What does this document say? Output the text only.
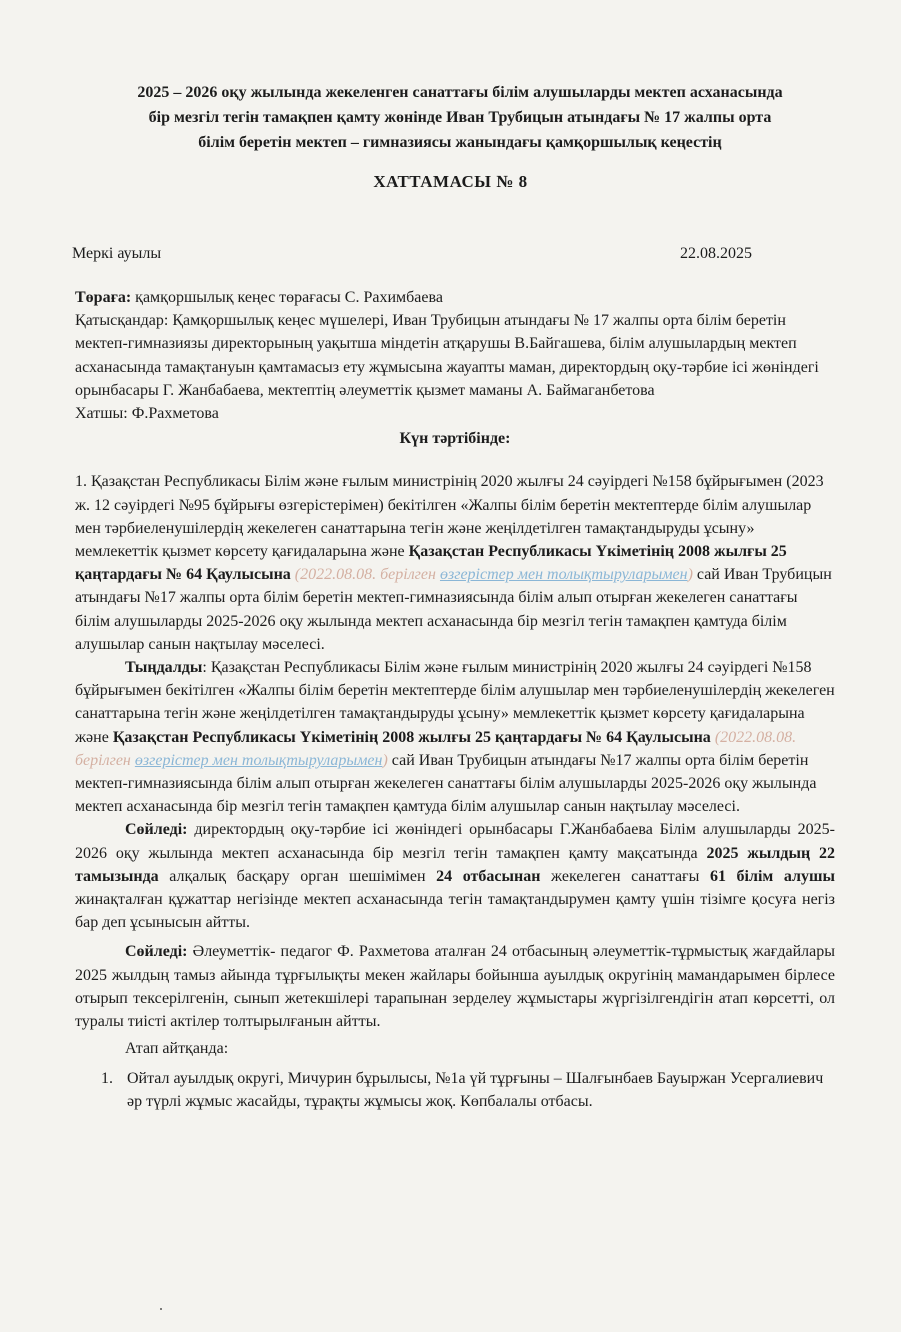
2025 – 2026 оқу жылында жекеленген санаттағы білім алушыларды мектеп асханасында
бір мезгіл тегін тамақпен қамту жөнінде Иван Трубицын атындағы № 17 жалпы орта
білім беретін мектеп – гимназиясы жанындағы қамқоршылық кеңестің
ХАТТАМАСЫ № 8
Меркі ауылы	22.08.2025

Төраға: қамқоршылық кеңес төрағасы С. Рахимбаева

Қатысқандар: Қамқоршылық кеңес мүшелері, Иван Трубицын атындағы № 17 жалпы орта білім беретін мектеп-гимназиязы директорының уақытша міндетін атқарушы В.Байгашева, білім алушылардың мектеп асханасында тамақтануын қамтамасыз ету жұмысына жауапты маман, директордың оқу-тәрбие ісі жөніндегі орынбасары Г. Жанбабаева, мектептің әлеуметтік қызмет маманы А. Баймаганбетова

Хатшы: Ф.Рахметова

Күн тәртібінде:

1. Қазақстан Республикасы Білім және ғылым министрінің 2020 жылғы 24 сәуірдегі №158 бұйрығымен (2023 ж. 12 сәуірдегі №95 бұйрығы өзгерістерімен) бекітілген «Жалпы білім беретін мектептерде білім алушылар мен тәрбиеленушілердің жекелеген санаттарына тегін және жеңілдетілген тамақтандыруды ұсыну» мемлекеттік қызмет көрсету қағидаларына және Қазақстан Республикасы Үкіметінің 2008 жылғы 25 қаңтардағы № 64 Қаулысына (2022.08.08. берілген өзгерістер мен толықтыруларымен) сай Иван Трубицын атындағы №17 жалпы орта білім беретін мектеп-гимназиясында білім алып отырған жекелеген санаттағы білім алушыларды 2025-2026 оқу жылында мектеп асханасында бір мезгіл тегін тамақпен қамтуда білім алушылар санын нақтылау мәселесі.

Тыңдалды: Қазақстан Республикасы Білім және ғылым министрінің 2020 жылғы 24 сәуірдегі №158 бұйрығымен бекітілген «Жалпы білім беретін мектептерде білім алушылар мен тәрбиеленушілердің жекелеген санаттарына тегін және жеңілдетілген тамақтандыруды ұсыну» мемлекеттік қызмет көрсету қағидаларына және Қазақстан Республикасы Үкіметінің 2008 жылғы 25 қаңтардағы № 64 Қаулысына (2022.08.08. берілген өзгерістер мен толықтыруларымен) сай Иван Трубицын атындағы №17 жалпы орта білім беретін мектеп-гимназиясында білім алып отырған жекелеген санаттағы білім алушыларды 2025-2026 оқу жылында мектеп асханасында бір мезгіл тегін тамақпен қамтуда білім алушылар санын нақтылау мәселесі.

Сөйледі: директордың оқу-тәрбие ісі жөніндегі орынбасары Г.Жанбабаева Білім алушыларды 2025-2026 оқу жылында мектеп асханасында бір мезгіл тегін тамақпен қамту мақсатында 2025 жылдың 22 тамызында алқалық басқару орган шешімімен 24 отбасынан жекелеген санаттағы 61 білім алушы жинақталған құжаттар негізінде мектеп асханасында тегін тамақтандырумен қамту үшін тізімге қосуға негіз бар деп ұсынысын айтты.

Сөйледі: Әлеуметтік- педагог Ф. Рахметова аталған 24 отбасының әлеуметтік-тұрмыстық жағдайлары 2025 жылдың тамыз айында тұрғылықты мекен жайлары бойынша ауылдық округінің мамандарымен бірлесе отырып тексерілгенін, сынып жетекшілері тарапынан зерделеу жұмыстары жүргізілгендігін атап көрсетті, ол туралы тиісті актілер толтырылғанын айтты.

Атап айтқанда:

1. Ойтал ауылдық округі, Мичурин бұрылысы, №1а үй тұрғыны – Шалғынбаев Бауыржан Усергалиевич әр түрлі жұмыс жасайды, тұрақты жұмысы жоқ. Көпбалалы отбасы.
